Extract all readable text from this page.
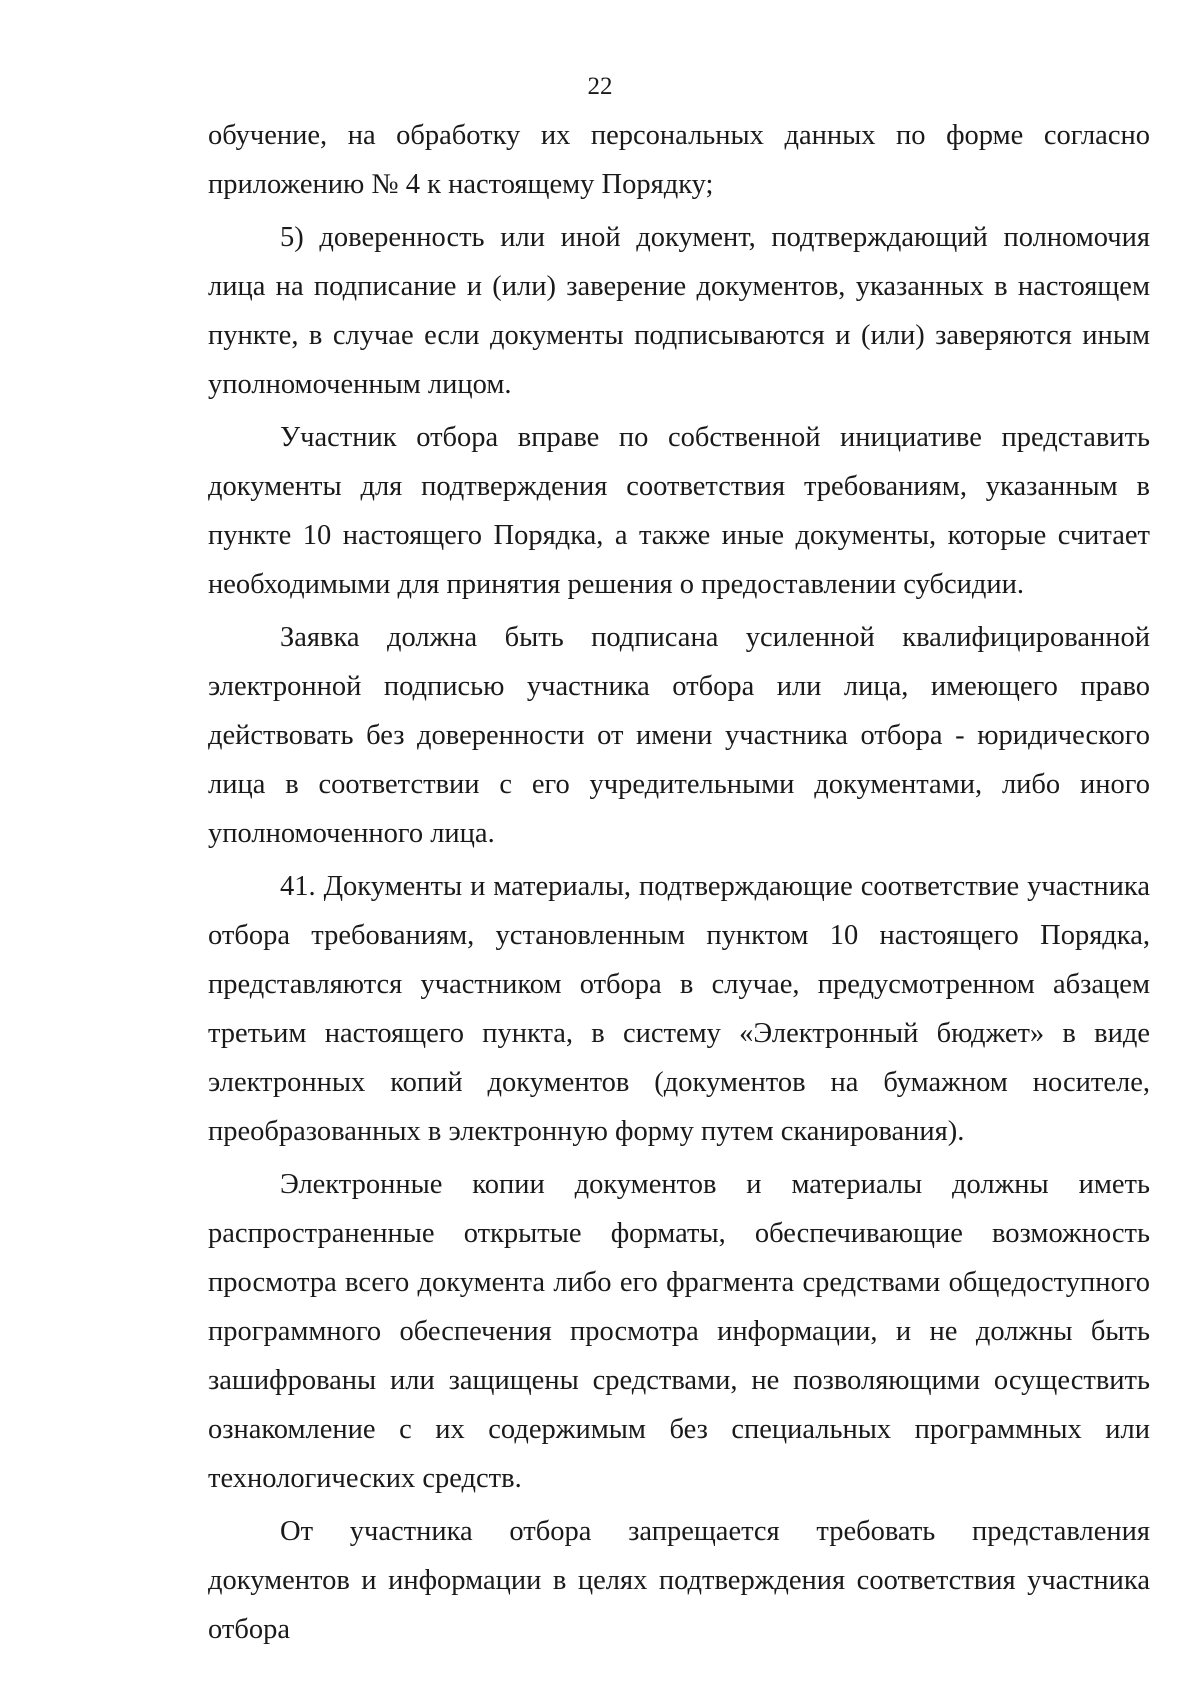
22

обучение, на обработку их персональных данных по форме согласно приложению № 4 к настоящему Порядку;

5) доверенность или иной документ, подтверждающий полномочия лица на подписание и (или) заверение документов, указанных в настоящем пункте, в случае если документы подписываются и (или) заверяются иным уполномоченным лицом.

Участник отбора вправе по собственной инициативе представить документы для подтверждения соответствия требованиям, указанным в пункте 10 настоящего Порядка, а также иные документы, которые считает необходимыми для принятия решения о предоставлении субсидии.

Заявка должна быть подписана усиленной квалифицированной электронной подписью участника отбора или лица, имеющего право действовать без доверенности от имени участника отбора - юридического лица в соответствии с его учредительными документами, либо иного уполномоченного лица.

41. Документы и материалы, подтверждающие соответствие участника отбора требованиям, установленным пунктом 10 настоящего Порядка, представляются участником отбора в случае, предусмотренном абзацем третьим настоящего пункта, в систему «Электронный бюджет» в виде электронных копий документов (документов на бумажном носителе, преобразованных в электронную форму путем сканирования).

Электронные копии документов и материалы должны иметь распространенные открытые форматы, обеспечивающие возможность просмотра всего документа либо его фрагмента средствами общедоступного программного обеспечения просмотра информации, и не должны быть зашифрованы или защищены средствами, не позволяющими осуществить ознакомление с их содержимым без специальных программных или технологических средств.

От участника отбора запрещается требовать представления документов и информации в целях подтверждения соответствия участника отбора
